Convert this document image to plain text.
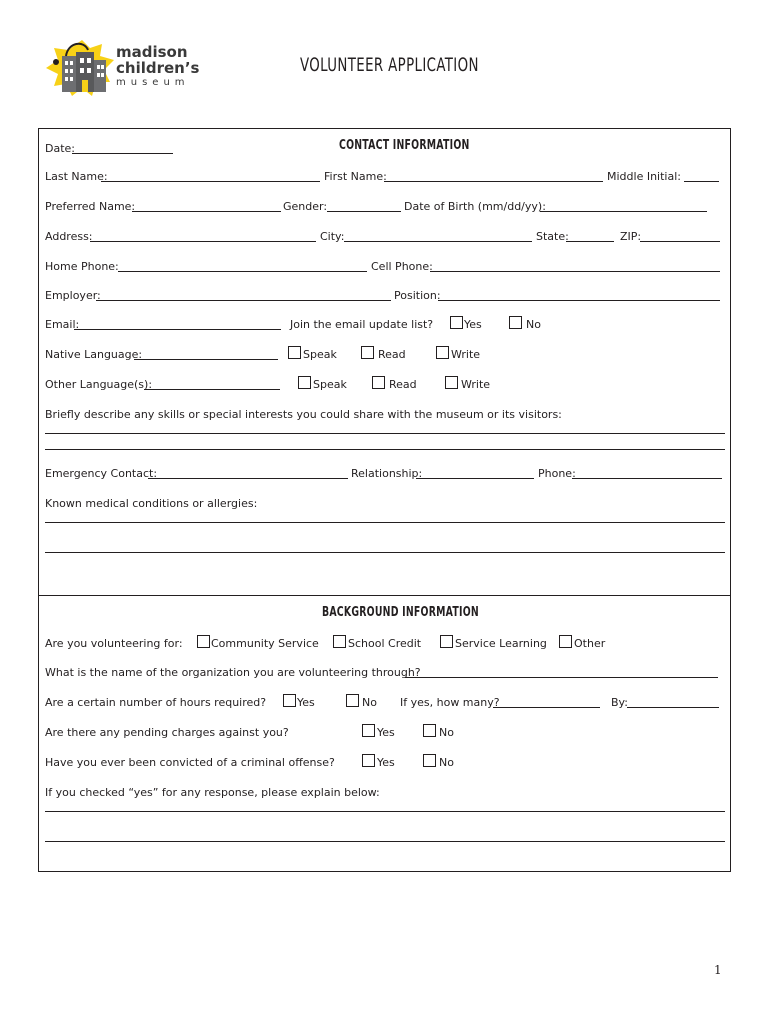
madison
children’s
museum
VOLUNTEER APPLICATION
CONTACT INFORMATION
Date:
Last Name:	First Name:	Middle Initial:
Preferred Name:	Gender:	Date of Birth (mm/dd/yy):
Address:	City:	State:	ZIP:
Home Phone:	Cell Phone:
Employer:	Position:
Email:	Join the email update list?	Yes	No
Native Language:	Speak	Read	Write
Other Language(s):	Speak	Read	Write
Briefly describe any skills or special interests you could share with the museum or its visitors:
Emergency Contact:	Relationship:	Phone:
Known medical conditions or allergies:
BACKGROUND INFORMATION
Are you volunteering for:	Community Service	School Credit	Service Learning Other
What is the name of the organization you are volunteering through?
Are a certain number of hours required?	Yes	No If yes, how many?	By:
Are there any pending charges against you?	Yes	No
Have you ever been convicted of a criminal offense?	Yes	No
If you checked “yes” for any response, please explain below:
1
